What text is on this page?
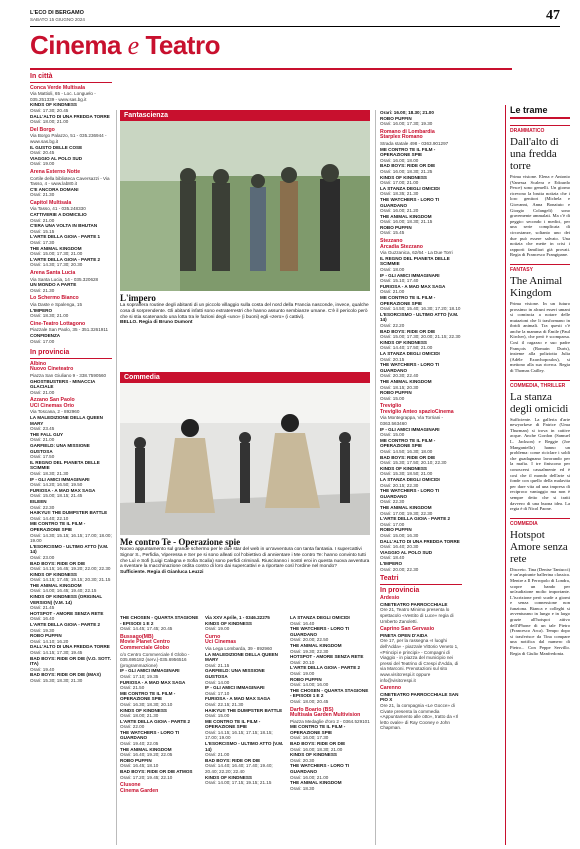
L'ECO DI BERGAMO
SABATO 15 GIUGNO 2024	47
Cinema e Teatro
In città
Conca Verde Multisala
Via Mattioli, 65 - Loc. Longuelo - 035.251339 - www.sas.bg.it
KINDS OF KINDNESS
Orari: 17.30; 20.45
DALL'ALTO DI UNA FREDDA TORRE
Orari: 18.00; 21.00
Del Borgo
Via Borgo Palazzo, 51 - 035.236944 - www.sas.bg.it
IL GUSTO DELLE COSE
Orari: 20.45
VIAGGIO AL POLO SUD
Orari: 19.00
Arena Esterno Notte
Cortile della biblioteca Caversazzi - Via Tasso, 4 - www.lab80.it
C'E ANCORA DOMANI
Orari: 21.30
Capitol Multisala
Via Tasso, 41 - 035.248330
CATTIVERIE A DOMICILIO
Orari: 21.00
C'ERA UNA VOLTA IN BHUTAN
Orari: 15.15
L'ARTE DELLA GIOIA - PARTE 1
Orari: 17.30
THE ANIMAL KINGDOM
Orari: 15.00; 17.30; 21.00
L'ARTE DELLA GIOIA - PARTE 2
Orari: 14.30; 17.30; 20.30
Arena Santa Lucia
Via Santa Lucia, 14 - 035.320628
UN MONDO A PARTE
Orari: 21.30
Lo Schermo Bianco
Via Daste e Spalenga, 15
L'IMPERO
Orari: 18.30; 21.00
Cine-Teatro Lottagono
Piazzale San Paolo, 35 - 351.3261911
CONFIDENZA
Orari: 17.00
In provincia
Albino
Nuovo Cineteatro
Piazza San Giuliano 9 - 338.7590560
GHOSTBUSTERS - MINACCIA GLACIALE
Orari: 21.00
Azzano San Paolo
UCI Cinemas Orio
Via Toscana, 2 - 892960
LA MALEDIZIONE DELLA QUEEN MARY
Orari: 23.45
THE FALL GUY
Orari: 21.00
GARFIELD: UNA MISSIONE GUSTOSA
Orari: 17.50
IL REGNO DEL PIANETA DELLE SCIMMIE
Orari: 18.30; 21.30
IF - GLI AMICI IMMAGINARI
Orari: 14.20; 16.50; 19.50
FURIOSA - A MAD MAX SAGA
Orari: 15.00; 18.15; 21.45
EILEEN
Orari: 22.30
HAIKYU!! THE DUMPSTER BATTLE
Orari: 14.40; 22.10
ME CONTRO TE IL FILM - OPERAZIONE SPIE
Orari: 14.30; 15.15; 16.15; 17.00; 18.00; 19.00
L'ESORCISMO - ULTIMO ATTO (V.M. 14)
Orari: 23.00
BAD BOYS: RIDE OR DIE
Orari: 14.15; 16.45; 19.20; 22.00; 22.30
KINDS OF KINDNESS
Orari: 14.15; 17.45; 19.15; 20.30; 21.15
THE ANIMAL KINGDOM
Orari: 14.00; 16.45; 19.40; 22.15
KINDS OF KINDNESS (ORIGINAL VERSION) (V.M. 14)
Orari: 21.45
HOTSPOT - AMORE SENZA RETE
Orari: 16.40
L'ARTE DELLA GIOIA - PARTE 2
Orari: 19.30
ROBO PUFFIN
Orari: 14.10; 16.20
DALL'ALTO DI UNA FREDDA TORRE
Orari: 14.15; 17.30; 19.45
BAD BOYS: RIDE OR DIE (V.O. SOTT. ITA)
Orari: 19.40
BAD BOYS: RIDE OR DIE (IMAX)
Orari: 15.30; 18.30; 21.30
Fantascienza
L'impero
La sopraffera routine degli abitanti di un piccolo villaggio sulla costa del nord della Francia nasconde, invece, qualche cosa di sorprendente. Gli abitanti infatti sono extraterrestri che hanno assunto sembianze umane. C'è il pericolo però che si stia scatenando una lotta tra le fazioni degli «uno» (i buoni) egli «zero» (i cattivi).
BELLO. Regia di Bruno Dumont
Commedia
Me contro Te - Operazione spie
Nuovo appuntamento sul grande schermo per le due star del web in un'avventura con tanta fantasia. I supercattivi Signor S., Perfidia, Viperessa e Ser pe si sono alleati col l'obiettivo di annientare i Me contro Te: hanno convinto tutti che Luì e Sofi (Luigi Calagna e Sofia Scalia) sono perfidi criminali. Riusciranno i nostri eroi in questa nuova avventura a sventare la macchinazione ordita contro di loro dai supercattivi e a riportare così l'ordine nel mondo?
Sufficiente. Regia di Gianluca Leuzzi
THE CHOSEN - QUARTA STAGIONE - EPISODI 1 E 2
Orari: 14.45; 17.45; 20.45
Bussago(MB)
Movie Planet Centro Commerciale Globo
c/o Centro Commerciale Il Globo - 035.695182 (serv.)-035.6956516 (programmazione)
IF - GLI AMICI IMMAGINARI
Orari: 17.10; 19.35
FURIOSA - A MAD MAX SAGA
Orari: 21.50
ME CONTRO TE IL FILM - OPERAZIONE SPIE
Orari: 16.30; 18.30; 20.10
KINDS OF KINDNESS
Orari: 18.00; 21.30
L'ARTE DELLA GIOIA - PARTE 2
Orari: 22.00
THE WATCHERS - LORO TI GUARDANO
Orari: 19.40; 22.05
THE ANIMAL KINGDOM
Orari: 16.40; 19.20; 22.05
ROBO PUFFIN
Orari: 16.45; 18.10
BAD BOYS: RIDE OR DIE ATMOS
Orari: 17.20; 19.45; 22.10
Clusone
Cinema Garden
Via XXV Aprile, 1 - 0346.22275
KINDS OF KINDNESS
Orari: 19.00
Curno
Uci Cinemas
Via Lega Lombarda, 39 - 892960
LA MALEDIZIONE DELLA QUEEN MARY
Orari: 21.15
GARFIELD: UNA MISSIONE GUSTOSA
Orari: 14.00
IF - GLI AMICI IMMAGINARI
Orari: 17.10
FURIOSA - A MAD MAX SAGA
Orari: 22.15; 21.30
HAIKYU!! THE DUMPSTER BATTLE
Orari: 15.00
ME CONTRO TE IL FILM - OPERAZIONE SPIE
Orari: 14.15; 16.15; 17.15; 18.15; 17.00; 19.00
L'ESORCISMO - ULTIMO ATTO (V.M. 14)
Orari: 21.00
BAD BOYS: RIDE OR DIE
Orari: 14.40; 16.40; 17.40; 19.40; 20.40; 22.20; 22.40
KINDS OF KINDNESS
Orari: 14.00; 17.15; 19.15; 21.15
LA STANZA DEGLI OMICIDI
Orari: 16.40
THE WATCHERS - LORO TI GUARDANO
Orari: 20.00; 22.50
THE ANIMAL KINGDOM
Orari: 19.30; 22.30
HOTSPOT - AMORE SENZA RETE
Orari: 20.10
L'ARTE DELLA GIOIA - PARTE 2
Orari: 19.00
ROBO PUFFIN
Orari: 14.00; 16.00
THE CHOSEN - QUARTA STAGIONE - EPISODI 1 E 2
Orari: 18.00; 20.45
Darfo Boario (BS)
Multisala Garden Multivision
Piazza Medaglie d'oro 2 - 0364.529101
ME CONTRO TE IL FILM - OPERAZIONE SPIE
Orari: 16.00; 17.30
BAD BOYS: RIDE OR DIE
Orari: 16.00; 18.30; 21.00
KINDS OF KINDNESS
Orari: 20.30
THE WATCHERS - LORO TI GUARDANO
Orari: 16.00; 21.00
THE ANIMAL KINGDOM
Orari: 18.30
Orari: 16.00; 18.30; 21.00
ROBO PUFFIN
Orari: 16.00; 17.30; 19.30
Romano di Lombardia
Starplex Romano
Strada statale 498 - 0363.901297
ME CONTRO TE IL FILM - OPERAZIONE SPIE
Orari: 16.00; 18.00
BAD BOYS: RIDE OR DIE
Orari: 16.00; 18.30; 21.25
KINDS OF KINDNESS
Orari: 17.00; 21.00
LA STANZA DEGLI OMICIDI
Orari: 18.35; 21.30
THE WATCHERS - LORO TI GUARDANO
Orari: 16.00; 21.20
THE ANIMAL KINGDOM
Orari: 16.00; 18.30; 21.15
ROBO PUFFIN
Orari: 15.45
Stezzano
Arcadia Stezzano
Via Guzzanica, 62/64 - La Due Torri
IL REGNO DEL PIANETA DELLE SCIMMIE
Orari: 18.00
IF - GLI AMICI IMMAGINARI
Orari: 15.10; 17.40
FURIOSA - A MAD MAX SAGA
Orari: 21.00
ME CONTRO TE IL FILM - OPERAZIONE SPIE
Orari: 14.50; 15.40; 16.30; 17.20; 18.10
L'ESORCISMO - ULTIMO ATTO (V.M. 14)
Orari: 22.20
BAD BOYS: RIDE OR DIE
Orari: 15.00; 17.30; 20.00; 21.15; 22.30
KINDS OF KINDNESS
Orari: 14.40; 17.50; 21.00
LA STANZA DEGLI OMICIDI
Orari: 20.15
THE WATCHERS - LORO TI GUARDANO
Orari: 20.30; 22.40
THE ANIMAL KINGDOM
Orari: 18.15; 20.30
ROBO PUFFIN
Orari: 15.00
Treviglio
Treviglio Anteo spazioCinema
Via Montegrappa, Via Torriani - 0363.563460
IF - GLI AMICI IMMAGINARI
Orari: 15.00
ME CONTRO TE IL FILM - OPERAZIONE SPIE
Orari: 14.50; 16.30; 18.00
BAD BOYS: RIDE OR DIE
Orari: 15.30; 17.50; 20.10; 22.30
KINDS OF KINDNESS
Orari: 15.30; 18.50; 21.00
LA STANZA DEGLI OMICIDI
Orari: 20.15; 22.30
THE WATCHERS - LORO TI GUARDANO
Orari: 22.30
THE ANIMAL KINGDOM
Orari: 17.00; 19.30; 22.30
L'ARTE DELLA GIOIA - PARTE 2
Orari: 17.00
ROBO PUFFIN
Orari: 15.00; 16.30
DALL'ALTO DI UNA FREDDA TORRE
Orari: 16.40; 20.30
VIAGGIO AL POLO SUD
Orari: 18.40
L'IMPERO
Orari: 20.00; 22.30
Teatri
In provincia
Ardesio
CINETEATRO PARROCCHIALE
Ore 21, Teatro Minimo presenta lo spettacolo «Vestito di Luce» regia di Umberto Zanoletti.
Caprino San Gervasio
PINETA OPEN D'AIDA
Ore 17, per la rassegna «I luoghi dell'Adda» - piazzale Vittorio Veneto 1, «Principi e principi» - Compagni di Viaggio - in piazza del municipio nei pressi del Teatrino di Crespi d'Adda, di via Marconi. Prenotazioni sul sito www.visitcrespi.it oppure info@visitcrespi.it
Carenno
CINETEATRO PARROCCHIALE SAN PIO X
Ore 21, la compagnia «Le Gocce» di Civate presenta la commedia «Appuntamento alle otto», tratto da «Il letto ovale» di Ray Cooney e John Chapman.
Le trame
DRAMMATICO
Dall'alto di una fredda torre
Prima visione. Elena e Antonio (Vanessa Scalera e Edoardo Pesce) sono gemelli. Un giorno ricevono la brutta notizia che i loro genitori (Michela e Giovanni, Anna Bonaiuto e Giorgio Colangeli) sono gravemente ammalati. Ma c'è di peggio: secondo i medici, per una serie complicata di circostanze, soltanto uno dei due può essere salvato. Una notizia che mette in crisi i rapporti familiari già provati. Regia di Francesco Frangipane.
FANTASY
The Animal Kingdom
Prima visione. In un futuro prossimo in alcuni esseri umani si comincia a notare delle mutazioni che li trasformano in ibridi animali. Tra questi c'è anche la mamma di Émile (Paul Kircher), che però è scomparsa. Così il ragazzo e suo padre François (Romain Duris), insieme alla poliziotta Julia (Adèle Exarchopoulos), si mettono alla sua ricerca. Regia di Thomas Cailley.
COMMEDIA, THRILLER
La stanza degli omicidi
Sufficiente. La galleria d'arte newyorkese di Patrice (Uma Thurman) si trova in cattive acque. Anche Gordon (Samuel L. Jackson) e Reggie (Joe Manganiello) hanno un problema: come riciclare i soldi che guadagnano lavorando per la mafia. I tre finiscono per conoscersi casualmente ed è così che il mondo dell'arte si fonde con quello della malavita per dare vita ad una impresa di reciproco vantaggio ma non è sempre detto che si tratti davvero di una buona idea. La regia è di Nicol Paone.
COMMEDIA
Hotspot Amore senza rete
Discreto. Tina (Denise Tantucci) è un'aspirante ballerina classica. Mentre a Il Ferropolo di Londra, scopre un bando per un'audizione molto importante. L'iscrizione però scade a giorni e senza connessione non funziona. Bianca e colleghi si avventurano in lungo e in largo grazie all'hotspot attivo dell'iPhone di un tale Pietro (Francesco Arca). Tempo dopo si trasferisce da Tina compare una notifica dal numero di Pietro... Con Peppe Servillo. Regia di Giulio Manfredonia.
